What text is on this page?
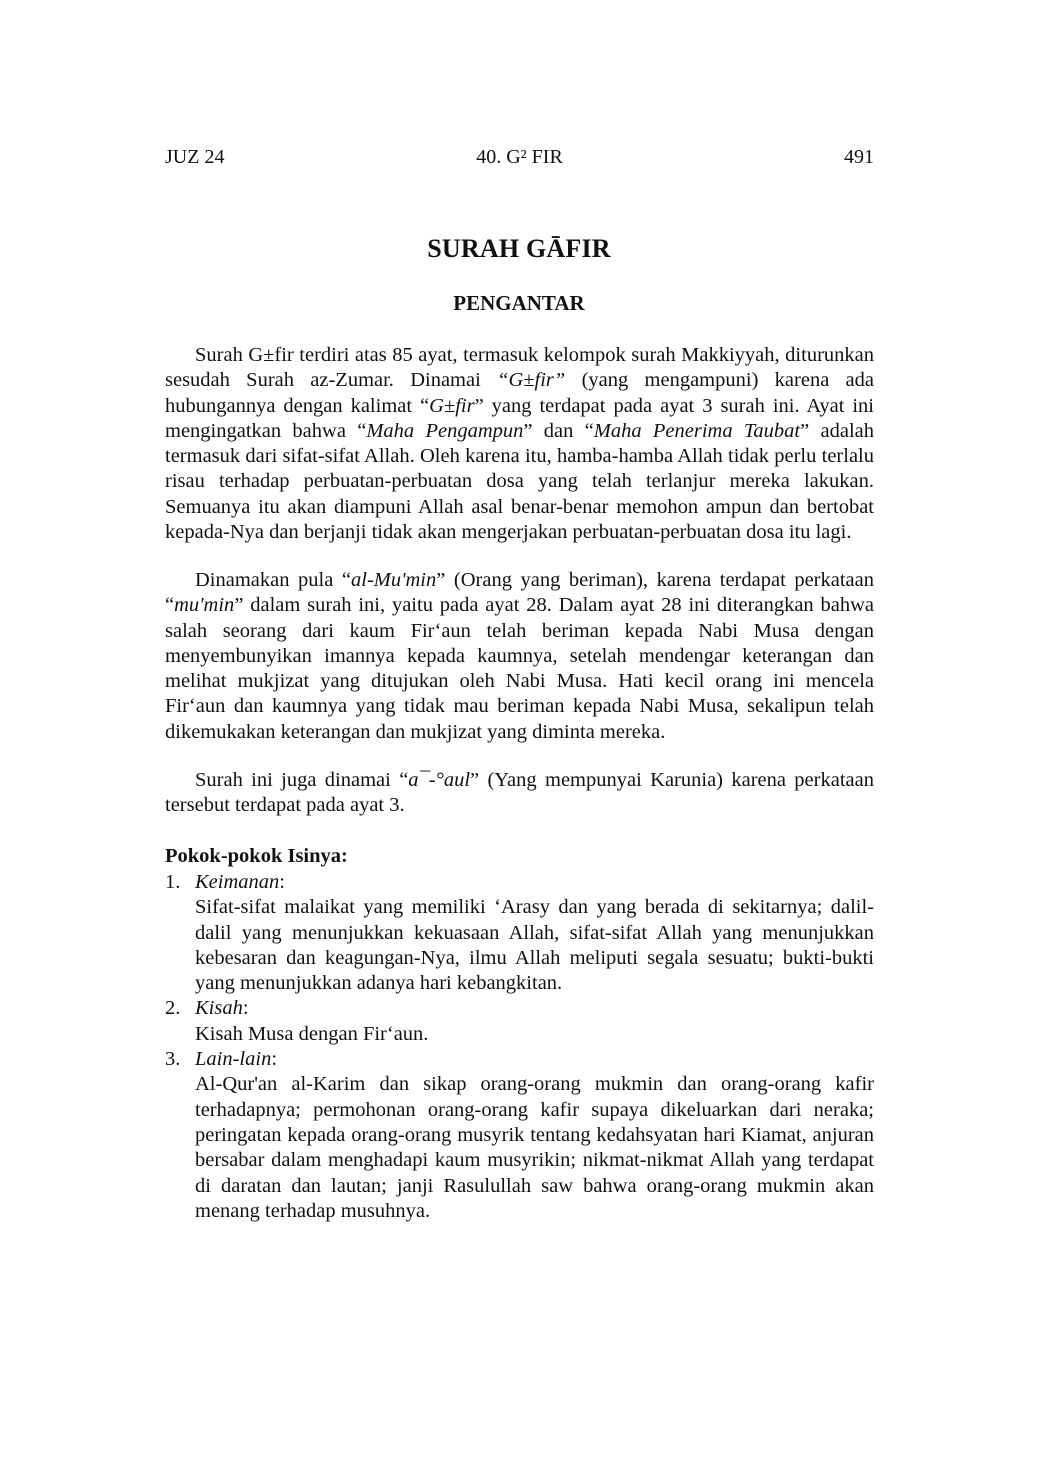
JUZ 24	40. G² FIR	491
SURAH GĀFIR
PENGANTAR

Surah G±fir terdiri atas 85 ayat, termasuk kelompok surah Makkiyyah, diturunkan sesudah Surah az-Zumar. Dinamai “G±fir” (yang mengampuni) karena ada hubungannya dengan kalimat “G±fir” yang terdapat pada ayat 3 surah ini. Ayat ini mengingatkan bahwa “Maha Pengampun” dan “Maha Penerima Taubat” adalah termasuk dari sifat-sifat Allah. Oleh karena itu, hamba-hamba Allah tidak perlu terlalu risau terhadap perbuatan-perbuatan dosa yang telah terlanjur mereka lakukan. Semuanya itu akan diampuni Allah asal benar-benar memohon ampun dan bertobat kepada-Nya dan berjanji tidak akan mengerjakan perbuatan-perbuatan dosa itu lagi.

Dinamakan pula “al-Mu'min” (Orang yang beriman), karena terdapat perkataan “mu'min” dalam surah ini, yaitu pada ayat 28. Dalam ayat 28 ini diterangkan bahwa salah seorang dari kaum Fir‘aun telah beriman kepada Nabi Musa dengan menyembunyikan imannya kepada kaumnya, setelah mendengar keterangan dan melihat mukjizat yang ditujukan oleh Nabi Musa. Hati kecil orang ini mencela Fir‘aun dan kaumnya yang tidak mau beriman kepada Nabi Musa, sekalipun telah dikemukakan keterangan dan mukjizat yang diminta mereka.

Surah ini juga dinamai “a¯-°aul” (Yang mempunyai Karunia) karena perkataan tersebut terdapat pada ayat 3.

Pokok-pokok Isinya:
1. Keimanan:
Sifat-sifat malaikat yang memiliki ‘Arasy dan yang berada di sekitarnya; dalil-dalil yang menunjukkan kekuasaan Allah, sifat-sifat Allah yang menunjukkan kebesaran dan keagungan-Nya, ilmu Allah meliputi segala sesuatu; bukti-bukti yang menunjukkan adanya hari kebangkitan.
2. Kisah:
Kisah Musa dengan Fir‘aun.
3. Lain-lain:
Al-Qur'an al-Karim dan sikap orang-orang mukmin dan orang-orang kafir terhadapnya; permohonan orang-orang kafir supaya dikeluarkan dari neraka; peringatan kepada orang-orang musyrik tentang kedahsyatan hari Kiamat, anjuran bersabar dalam menghadapi kaum musyrikin; nikmat-nikmat Allah yang terdapat di daratan dan lautan; janji Rasulullah saw bahwa orang-orang mukmin akan menang terhadap musuhnya.
